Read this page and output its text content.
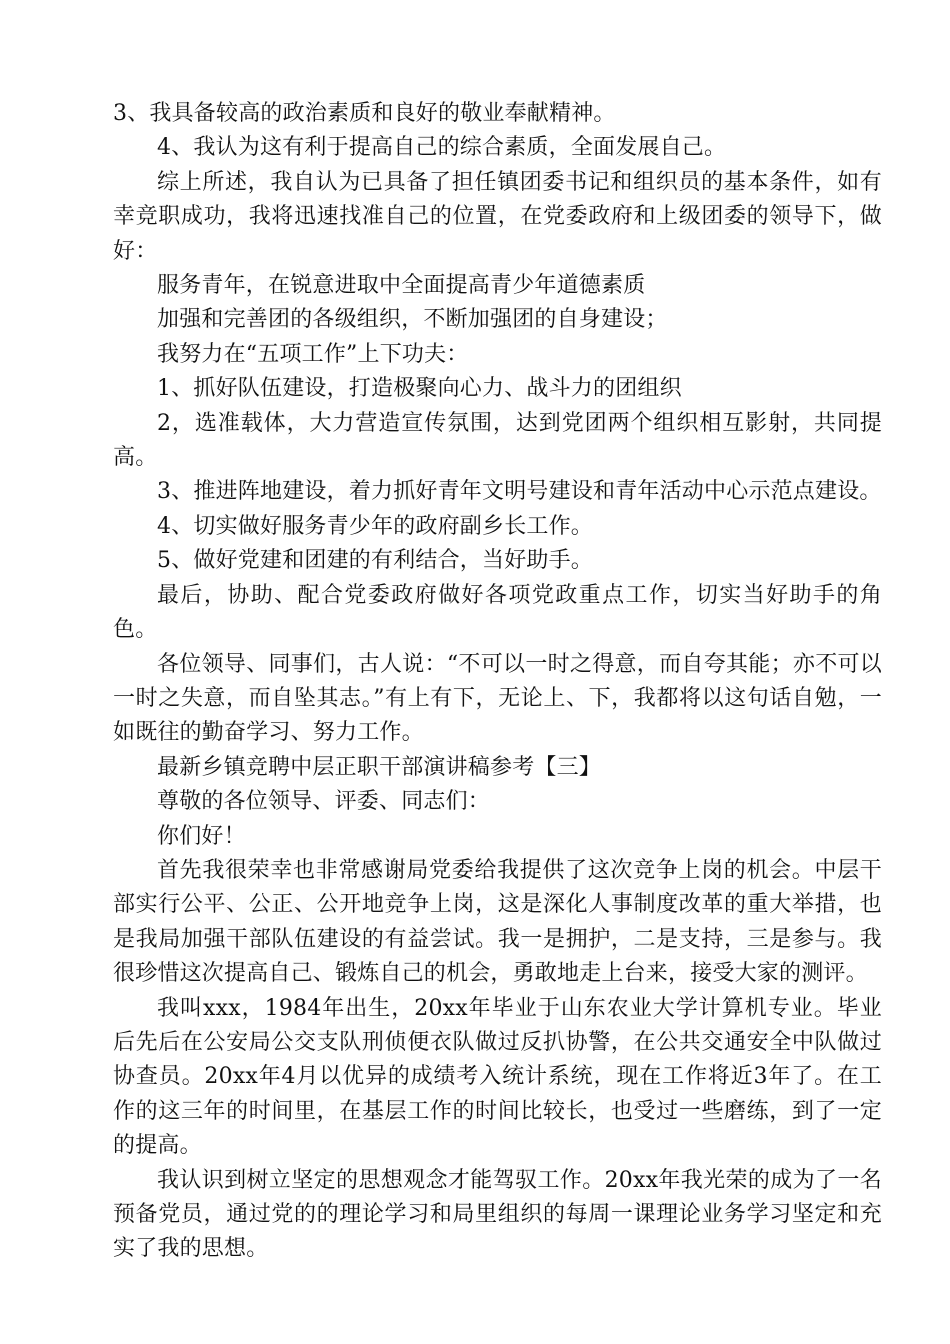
3、我具备较高的政治素质和良好的敬业奉献精神。

4、我认为这有利于提高自己的综合素质，全面发展自己。

综上所述，我自认为已具备了担任镇团委书记和组织员的基本条件，如有幸竞职成功，我将迅速找准自己的位置，在党委政府和上级团委的领导下，做好：

服务青年，在锐意进取中全面提高青少年道德素质

加强和完善团的各级组织，不断加强团的自身建设；

我努力在“五项工作”上下功夫：

1、抓好队伍建设，打造极聚向心力、战斗力的团组织

2，选准载体，大力营造宣传氛围，达到党团两个组织相互影射，共同提高。

3、推进阵地建设，着力抓好青年文明号建设和青年活动中心示范点建设。

4、切实做好服务青少年的政府副乡长工作。

5、做好党建和团建的有利结合，当好助手。

最后，协助、配合党委政府做好各项党政重点工作，切实当好助手的角色。

各位领导、同事们，古人说：“不可以一时之得意，而自夸其能；亦不可以一时之失意，而自坠其志。”有上有下，无论上、下，我都将以这句话自勉，一如既往的勤奋学习、努力工作。

最新乡镇竞聘中层正职干部演讲稿参考【三】

尊敬的各位领导、评委、同志们：

你们好！

首先我很荣幸也非常感谢局党委给我提供了这次竞争上岗的机会。中层干部实行公平、公正、公开地竞争上岗，这是深化人事制度改革的重大举措，也是我局加强干部队伍建设的有益尝试。我一是拥护，二是支持，三是参与。我很珍惜这次提高自己、锻炼自己的机会，勇敢地走上台来，接受大家的测评。

我叫xxx，1984年出生，20xx年毕业于山东农业大学计算机专业。毕业后先后在公安局公交支队刑侦便衣队做过反扒协警，在公共交通安全中队做过协查员。20xx年4月以优异的成绩考入统计系统，现在工作将近3年了。在工作的这三年的时间里，在基层工作的时间比较长，也受过一些磨练，到了一定的提高。

我认识到树立坚定的思想观念才能驾驭工作。20xx年我光荣的成为了一名预备党员，通过党的的理论学习和局里组织的每周一课理论业务学习坚定和充实了我的思想。
